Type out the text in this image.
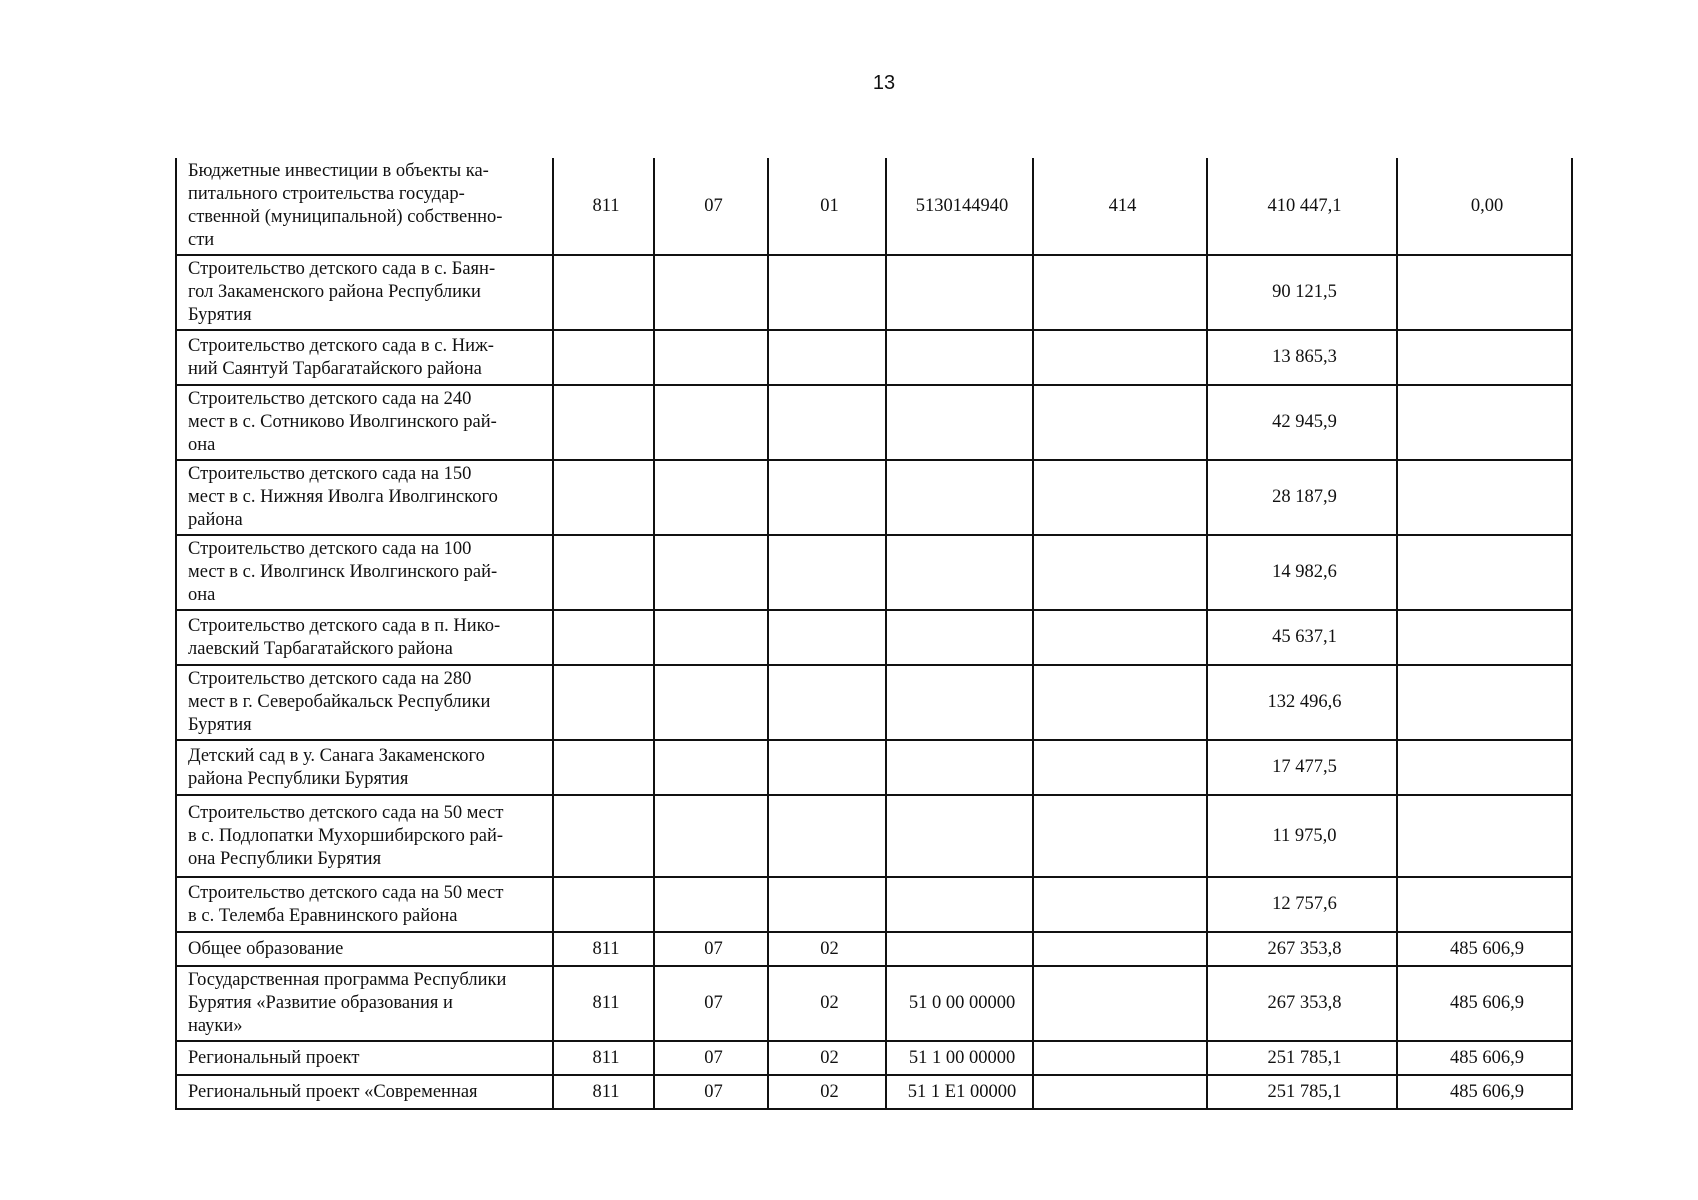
13
Бюджетные инвестиции в объекты ка-
питального строительства государ-
ственной (муниципальной) собственно-
сти	811	07	01	5130144940	414	410 447,1	0,00

Строительство детского сада в с. Баян-
гол Закаменского района Республики
Бурятия						90 121,5	

Строительство детского сада в с. Ниж-
ний Саянтуй Тарбагатайского района						13 865,3	

Строительство детского сада на 240
мест в с. Сотниково Иволгинского рай-
она						42 945,9	

Строительство детского сада на 150
мест в с. Нижняя Иволга Иволгинского
района						28 187,9	

Строительство детского сада на 100
мест в с. Иволгинск Иволгинского рай-
она						14 982,6	

Строительство детского сада в п. Нико-
лаевский Тарбагатайского района						45 637,1	

Строительство детского сада на 280
мест в г. Северобайкальск Республики
Бурятия						132 496,6	

Детский сад в у. Санага Закаменского
района Республики Бурятия						17 477,5	

Строительство детского сада на 50 мест
в с. Подлопатки Мухоршибирского рай-
она Республики Бурятия						11 975,0	

Строительство детского сада на 50 мест
в с. Телемба Еравнинского района						12 757,6	

Общее образование	811	07	02			267 353,8	485 606,9

Государственная программа Республики
Бурятия «Развитие образования и
науки»	811	07	02	51 0 00 00000		267 353,8	485 606,9

Региональный проект	811	07	02	51 1 00 00000		251 785,1	485 606,9

Региональный проект «Современная	811	07	02	51 1 Е1 00000		251 785,1	485 606,9
